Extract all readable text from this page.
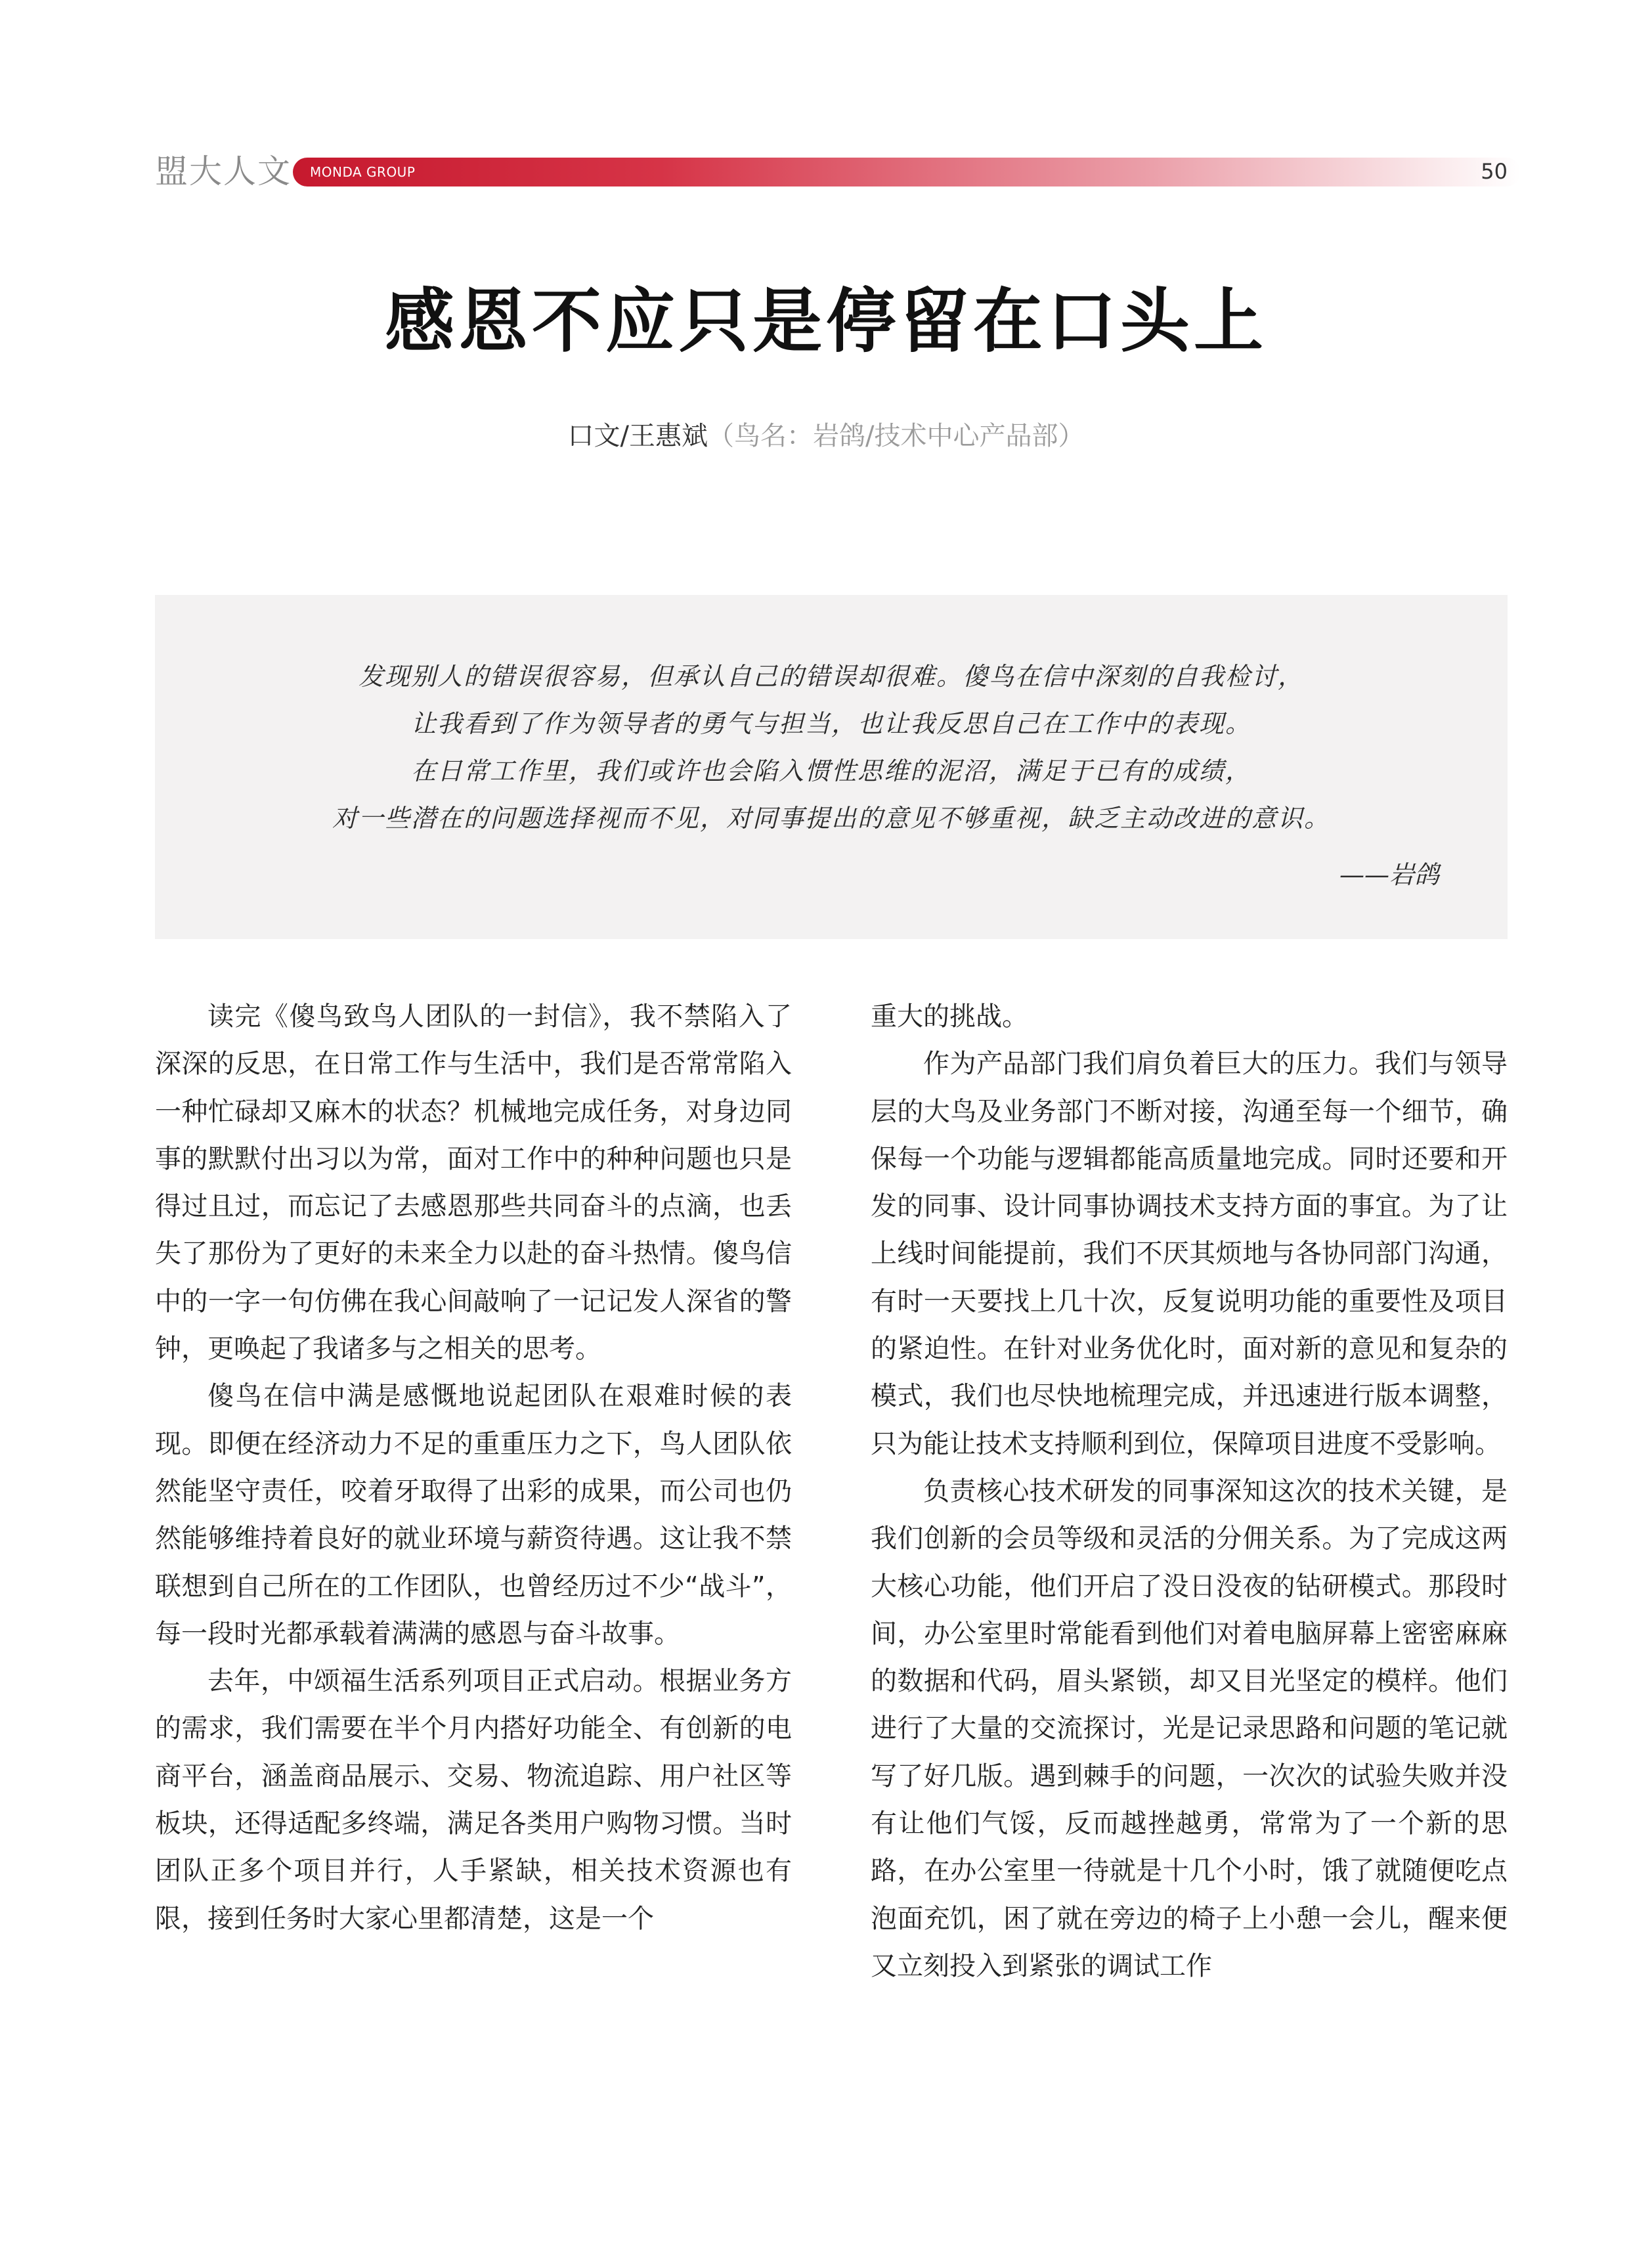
盟大人文 MONDA GROUP	50
感恩不应只是停留在口头上
口文/王惠斌（鸟名：岩鸽/技术中心产品部）
发现别人的错误很容易，但承认自己的错误却很难。傻鸟在信中深刻的自我检讨，
让我看到了作为领导者的勇气与担当，也让我反思自己在工作中的表现。
在日常工作里，我们或许也会陷入惯性思维的泥沼，满足于已有的成绩，
对一些潜在的问题选择视而不见，对同事提出的意见不够重视，缺乏主动改进的意识。
——岩鸽

读完《傻鸟致鸟人团队的一封信》，我不禁陷入了深深的反思，在日常工作与生活中，我们是否常常陷入一种忙碌却又麻木的状态？机械地完成任务，对身边同事的默默付出习以为常，面对工作中的种种问题也只是得过且过，而忘记了去感恩那些共同奋斗的点滴，也丢失了那份为了更好的未来全力以赴的奋斗热情。傻鸟信中的一字一句仿佛在我心间敲响了一记记发人深省的警钟，更唤起了我诸多与之相关的思考。

傻鸟在信中满是感慨地说起团队在艰难时候的表现。即便在经济动力不足的重重压力之下，鸟人团队依然能坚守责任，咬着牙取得了出彩的成果，而公司也仍然能够维持着良好的就业环境与薪资待遇。这让我不禁联想到自己所在的工作团队，也曾经历过不少“战斗”，每一段时光都承载着满满的感恩与奋斗故事。

去年，中颂福生活系列项目正式启动。根据业务方的需求，我们需要在半个月内搭好功能全、有创新的电商平台，涵盖商品展示、交易、物流追踪、用户社区等板块，还得适配多终端，满足各类用户购物习惯。当时团队正多个项目并行，人手紧缺，相关技术资源也有限，接到任务时大家心里都清楚，这是一个

重大的挑战。

作为产品部门我们肩负着巨大的压力。我们与领导层的大鸟及业务部门不断对接，沟通至每一个细节，确保每一个功能与逻辑都能高质量地完成。同时还要和开发的同事、设计同事协调技术支持方面的事宜。为了让上线时间能提前，我们不厌其烦地与各协同部门沟通，有时一天要找上几十次，反复说明功能的重要性及项目的紧迫性。在针对业务优化时，面对新的意见和复杂的模式，我们也尽快地梳理完成，并迅速进行版本调整，只为能让技术支持顺利到位，保障项目进度不受影响。

负责核心技术研发的同事深知这次的技术关键，是我们创新的会员等级和灵活的分佣关系。为了完成这两大核心功能，他们开启了没日没夜的钻研模式。那段时间，办公室里时常能看到他们对着电脑屏幕上密密麻麻的数据和代码，眉头紧锁，却又目光坚定的模样。他们进行了大量的交流探讨，光是记录思路和问题的笔记就写了好几版。遇到棘手的问题，一次次的试验失败并没有让他们气馁，反而越挫越勇，常常为了一个新的思路，在办公室里一待就是十几个小时，饿了就随便吃点泡面充饥，困了就在旁边的椅子上小憩一会儿，醒来便又立刻投入到紧张的调试工作
